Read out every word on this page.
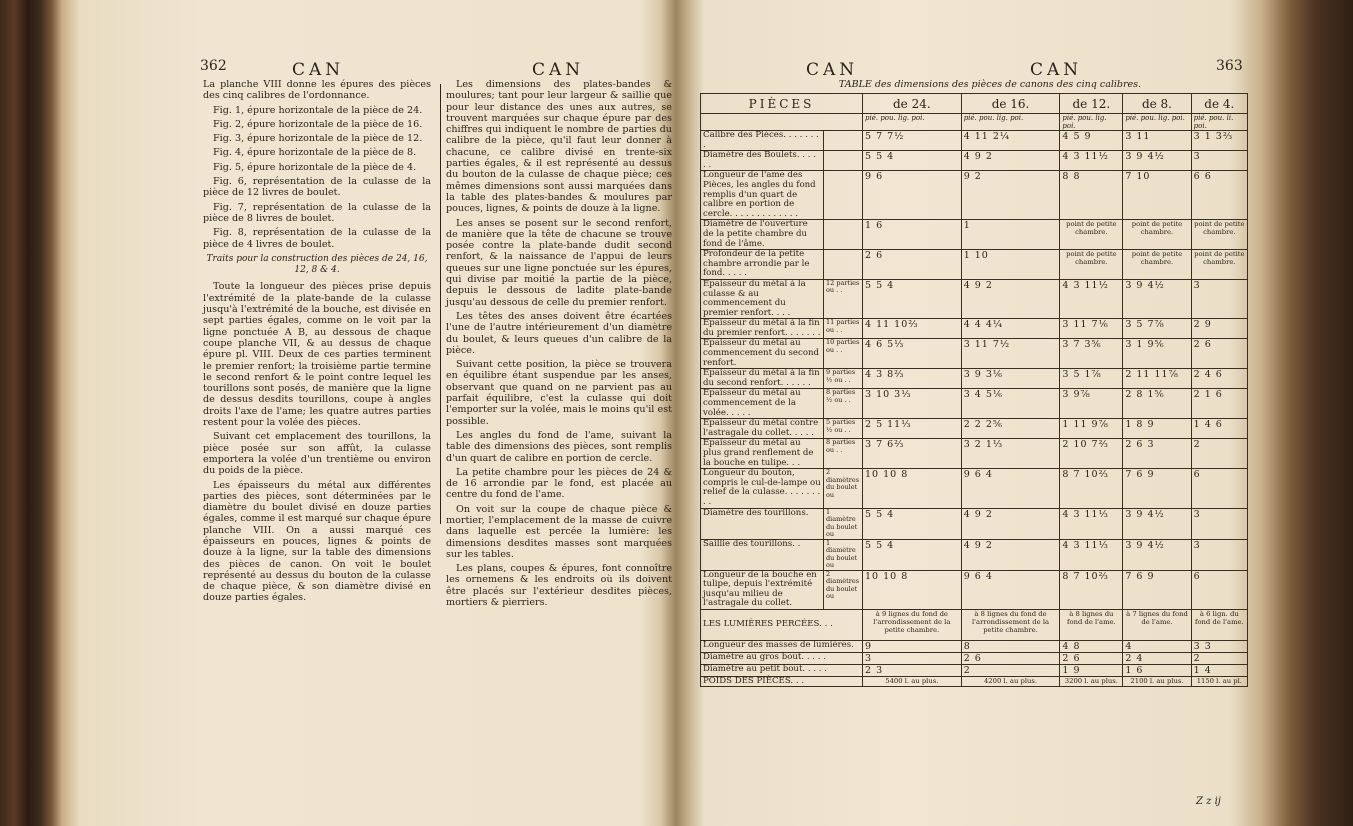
362	CAN	CAN

La planche VIII donne les épures des pièces des cinq calibres de l'ordonnance.

Fig. 1, épure horizontale de la pièce de 24.

Fig. 2, épure horizontale de la pièce de 16.

Fig. 3, épure horizontale de la pièce de 12.

Fig. 4, épure horizontale de la pièce de 8.

Fig. 5, épure horizontale de la pièce de 4.

Fig. 6, représentation de la culasse de la pièce de 12 livres de boulet.

Fig. 7, représentation de la culasse de la pièce de 8 livres de boulet.

Fig. 8, représentation de la culasse de la pièce de 4 livres de boulet.

Traits pour la construction des pièces de 24, 16, 12, 8 & 4.

Toute la longueur des pièces prise depuis l'extrémité de la plate-bande de la culasse jusqu'à l'extrémité de la bouche, est divisée en sept parties égales, comme on le voit par la ligne ponctuée A B, au dessous de chaque coupe planche VII, & au dessus de chaque épure pl. VIII. Deux de ces parties terminent le premier renfort; la troisième partie termine le second renfort & le point contre lequel les tourillons sont posés, de manière que la ligne de dessus desdits tourillons, coupe à angles droits l'axe de l'ame; les quatre autres parties restent pour la volée des pièces.

Suivant cet emplacement des tourillons, la pièce posée sur son affût, la culasse emportera la volée d'un trentième ou environ du poids de la pièce.

Les épaisseurs du métal aux différentes parties des pièces, sont déterminées par le diamètre du boulet divisé en douze parties égales, comme il est marqué sur chaque épure planche VIII. On a aussi marqué ces épaisseurs en pouces, lignes & points de douze à la ligne, sur la table des dimensions des pièces de canon. On voit le boulet représenté au dessus du bouton de la culasse de chaque pièce, & son diamètre divisé en douze parties égales.

Les dimensions des plates-bandes & moulures; tant pour leur largeur & saillie que pour leur distance des unes aux autres, se trouvent marquées sur chaque épure par des chiffres qui indiquent le nombre de parties du calibre de la pièce, qu'il faut leur donner à chacune, ce calibre divisé en trente-six parties égales, & il est représenté au dessus du bouton de la culasse de chaque pièce; ces mêmes dimensions sont aussi marquées dans la table des plates-bandes & moulures par pouces, lignes, & points de douze à la ligne.

Les anses se posent sur le second renfort, de manière que la tête de chacune se trouve posée contre la plate-bande dudit second renfort, & la naissance de l'appui de leurs queues sur une ligne ponctuée sur les épures, qui divise par moitié la partie de la pièce, depuis le dessous de ladite plate-bande jusqu'au dessous de celle du premier renfort.

Les têtes des anses doivent être écartées l'une de l'autre intérieurement d'un diamètre du boulet, & leurs queues d'un calibre de la pièce.

Suivant cette position, la pièce se trouvera en équilibre étant suspendue par les anses, observant que quand on ne parvient pas au parfait équilibre, c'est la culasse qui doit l'emporter sur la volée, mais le moins qu'il est possible.

Les angles du fond de l'ame, suivant la table des dimensions des pièces, sont remplis d'un quart de calibre en portion de cercle.

La petite chambre pour les pièces de 24 & de 16 arrondie par le fond, est placée au centre du fond de l'ame.

On voit sur la coupe de chaque pièce & mortier, l'emplacement de la masse de cuivre dans laquelle est percée la lumière: les dimensions desdites masses sont marquées sur les tables.

Les plans, coupes & épures, font connoître les ornemens & les endroits où ils doivent être placés sur l'extérieur desdites pièces, mortiers & pierriers.

CAN	CAN	363
TABLE des dimensions des pièces de canons des cinq calibres.
PIÈCES		de 24.	de 16.	de 12.	de 8.	de 4.
		pié. pou. lig. poi.	pié. pou. lig. poi.	pié. pou. lig. poi.	pié. pou. lig. poi.	pié. pou. li. poi.
Calibre des Pièces. . . . . . . .		5 7 7½	4 11 2¼	4 5 9	3 11	3 1 3⅔
Diamètre des Boulets. . . . . .		5 5 4	4 9 2	4 3 11½	3 9 4½	3
Longueur de l'ame des Pièces, les angles du fond remplis d'un quart de calibre en portion de cercle. . . . . . . . . . . . .		9 6	9 2	8 8	7 10	6 6
Diamètre de l'ouverture de la petite chambre du fond de l'âme.		1 6	1	point de petite chambre.	point de petite chambre.	point de petite chambre.
Profondeur de la petite chambre arrondie par le fond. . . . .		2 6	1 10	point de petite chambre.	point de petite chambre.	point de petite chambre.
Epaisseur du métal à la culasse & au commencement du premier renfort. . . .	12 parties ou . .	5 5 4	4 9 2	4 3 11½	3 9 4½	3
Epaisseur du métal à la fin du premier renfort. . . . . . .	11 parties ou . .	4 11 10⅔	4 4 4¼	3 11 7⅙	3 5 7⅞	2 9
Epaisseur du métal au commencement du second renfort.	10 parties ou . .	4 6 5⅓	3 11 7½	3 7 3⅚	3 1 9⅚	2 6
Epaisseur du métal à la fin du second renfort. . . . . .	9 parties ½ ou . .	4 3 8⅔	3 9 3⅙	3 5 1⅞	2 11 11⅞	2 4 6
Epaisseur du métal au commencement de la volée. . . . .	8 parties ½ ou . .	3 10 3⅓	3 4 5⅙	3 9⅞	2 8 1⅚	2 1 6
Epaisseur du métal contre l'astragale du collet. . . . .	5 parties ½ ou . .	2 5 11⅓	2 2 2⅚	1 11 9⅞	1 8 9	1 4 6
Epaisseur du métal au plus grand renflement de la bouche en tulipe. . .	8 parties ou . .	3 7 6⅔	3 2 1⅓	2 10 7⅔	2 6 3	2
Longueur du bouton, compris le cul-de-lampe ou relief de la culasse. . . . . . . . .	2 diamètres du boulet ou	10 10 8	9 6 4	8 7 10⅔	7 6 9	6
Diamètre des tourillons.	1 diamètre du boulet ou	5 5 4	4 9 2	4 3 11⅓	3 9 4½	3
Saillie des tourillons. .	1 diamètre du boulet ou	5 5 4	4 9 2	4 3 11⅓	3 9 4½	3
Longueur de la bouche en tulipe, depuis l'extrémité jusqu'au milieu de l'astragale du collet.	2 diamètres du boulet ou	10 10 8	9 6 4	8 7 10⅔	7 6 9	6
LES LUMIÈRES PERCÉES. . .		à 9 lignes du fond de l'arrondissement de la petite chambre.	à 8 lignes du fond de l'arrondissement de la petite chambre.	à 8 lignes du fond de l'ame.	à 7 lignes du fond de l'ame.	à 6 lign. du fond de l'ame.
Longueur des masses de lumières.		9	8	4 8	4	3 3
Diamètre au gros bout. . . . .		3	2 6	2 6	2 4	2
Diamètre au petit bout. . . . .		2 3	2	1 9	1 6	1 4
POIDS DES PIÈCES. . .		5400 l. au plus.	4200 l. au plus.	3200 l. au plus.	2100 l. au plus.	1150 l. au pl.
Z z ij
